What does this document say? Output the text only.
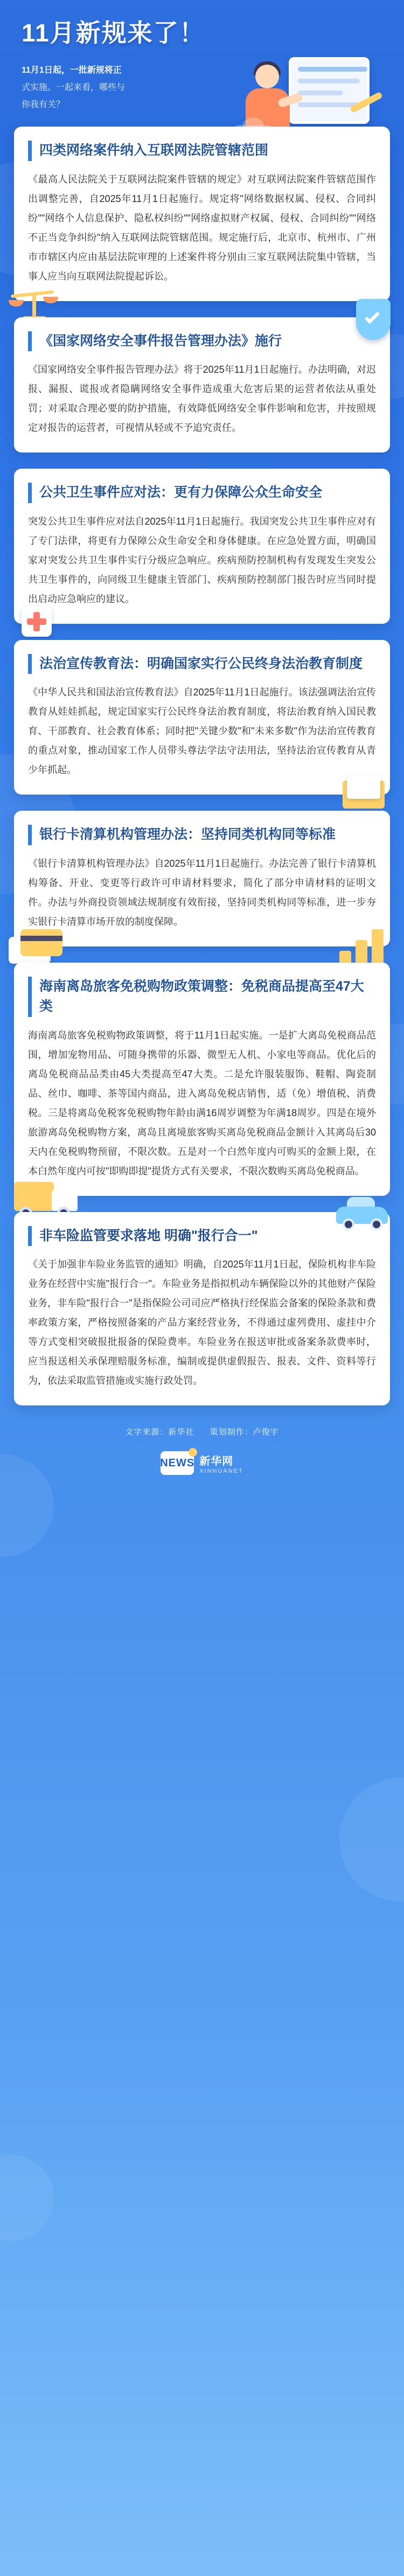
11月新规来了！

11月1日起，一批新规将正
式实施。一起来看，哪些与
你我有关？

四类网络案件纳入互联网法院管辖范围

《最高人民法院关于互联网法院案件管辖的规定》对互联网法院案件管辖范围作出调整完善，自2025年11月1日起施行。规定将"网络数据权属、侵权、合同纠纷""网络个人信息保护、隐私权纠纷""网络虚拟财产权属、侵权、合同纠纷""网络不正当竞争纠纷"纳入互联网法院管辖范围。规定施行后，北京市、杭州市、广州市市辖区内应由基层法院审理的上述案件将分别由三家互联网法院集中管辖，当事人应当向互联网法院提起诉讼。

《国家网络安全事件报告管理办法》施行

《国家网络安全事件报告管理办法》将于2025年11月1日起施行。办法明确，对迟报、漏报、谎报或者隐瞒网络安全事件造成重大危害后果的运营者依法从重处罚；对采取合理必要的防护措施，有效降低网络安全事件影响和危害，并按照规定对报告的运营者，可视情从轻或不予追究责任。

公共卫生事件应对法：更有力保障公众生命安全

突发公共卫生事件应对法自2025年11月1日起施行。我国突发公共卫生事件应对有了专门法律，将更有力保障公众生命安全和身体健康。在应急处置方面，明确国家对突发公共卫生事件实行分级应急响应。疾病预防控制机构有发现发生突发公共卫生事件的，向同级卫生健康主管部门、疾病预防控制部门报告时应当同时提出启动应急响应的建议。

法治宣传教育法：明确国家实行公民终身法治教育制度

《中华人民共和国法治宣传教育法》自2025年11月1日起施行。该法强调法治宣传教育从娃娃抓起，规定国家实行公民终身法治教育制度，将法治教育纳入国民教育、干部教育、社会教育体系；同时把"关键少数"和"未来多数"作为法治宣传教育的重点对象，推动国家工作人员带头尊法学法守法用法，坚持法治宣传教育从青少年抓起。

银行卡清算机构管理办法：坚持同类机构同等标准

《银行卡清算机构管理办法》自2025年11月1日起施行。办法完善了银行卡清算机构筹备、开业、变更等行政许可申请材料要求，简化了部分申请材料的证明文件。办法与外商投资领域法规制度有效衔接，坚持同类机构同等标准，进一步夯实银行卡清算市场开放的制度保障。

海南离岛旅客免税购物政策调整：免税商品提高至47大类

海南离岛旅客免税购物政策调整，将于11月1日起实施。一是扩大离岛免税商品范围，增加宠物用品、可随身携带的乐器、微型无人机、小家电等商品。优化后的离岛免税商品品类由45大类提高至47大类。二是允许服装服饰、鞋帽、陶瓷制品、丝巾、咖啡、茶等国内商品，进入离岛免税店销售，适（免）增值税、消费税。三是将离岛免税客免税购物年龄由满16周岁调整为年满18周岁。四是在境外旅游离岛免税购物方案，离岛且离境旅客购买离岛免税商品金额计入其离岛后30天内在免税购物预留，不限次数。五是对一个白然年度内可购买的金额上限，在本白然年度内可按"即购即提"提货方式有关要求，不限次数购买离岛免税商品。

非车险监管要求落地 明确"报行合一"

《关于加强非车险业务监管的通知》明确，自2025年11月1日起，保险机构非车险业务在经营中实施"报行合一"。车险业务是指拟机动车辆保险以外的其他财产保险业务，非车险"报行合一"是指保险公司司应严格执行经保监会备案的保险条款和费率政策方案，严格按照备案的产品方案经营业务，不得通过虚列费用、虚挂中介等方式变相突破报批报备的保险费率。车险业务在报送审批或备案条款费率时，应当报送相关承保理赔服务标准，编制或提供虚假报告、报表、文件、资料等行为，依法采取监管措施或实施行政处罚。

文字来源：新华社 策划制作：卢俊宇
NEWS 新华网
XINHUANET
